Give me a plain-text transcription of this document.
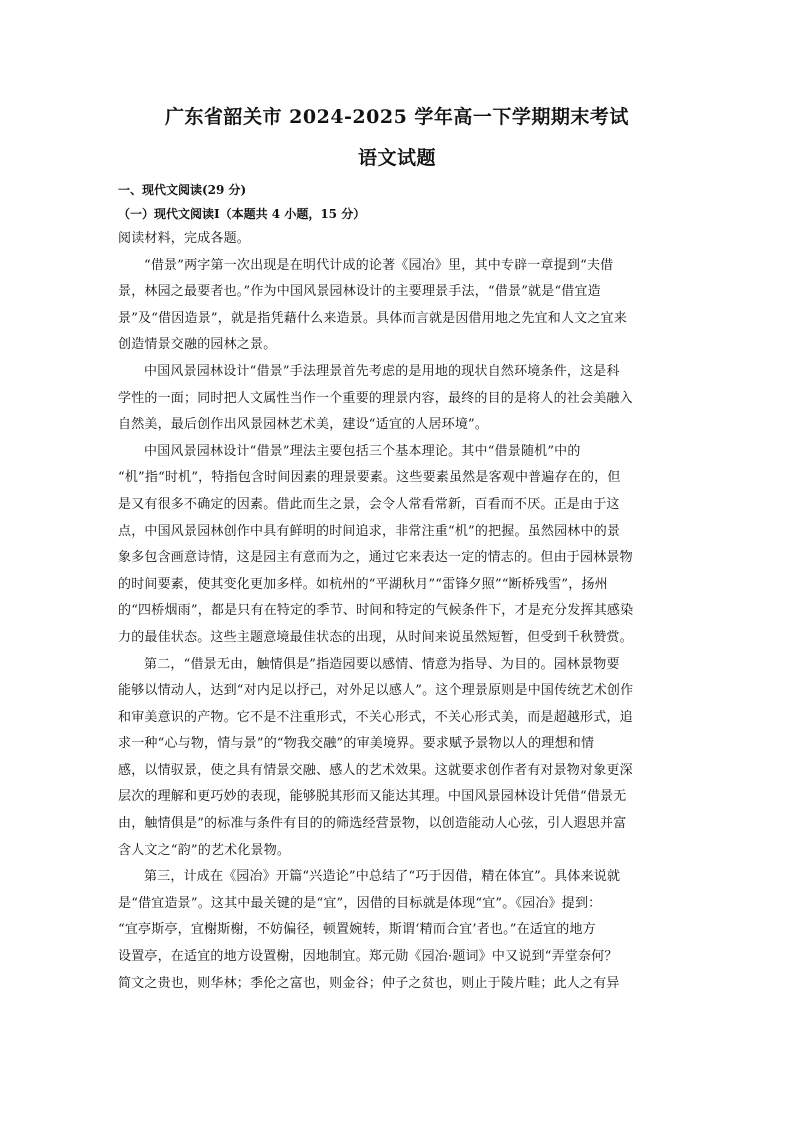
广东省韶关市 2024-2025 学年高一下学期期末考试
语文试题
一、现代文阅读(29 分)
（一）现代文阅读Ⅰ（本题共 4 小题，15 分）
阅读材料，完成各题。
“借景”两字第一次出现是在明代计成的论著《园冶》里，其中专辟一章提到“夫借
景，林园之最要者也。”作为中国风景园林设计的主要理景手法，“借景”就是“借宜造
景”及“借因造景”，就是指凭藉什么来造景。具体而言就是因借用地之先宜和人文之宜来
创造情景交融的园林之景。
中国风景园林设计“借景”手法理景首先考虑的是用地的现状自然环境条件，这是科
学性的一面；同时把人文属性当作一个重要的理景内容，最终的目的是将人的社会美融入
自然美，最后创作出风景园林艺术美，建设“适宜的人居环境”。
中国风景园林设计“借景”理法主要包括三个基本理论。其中“借景随机”中的
“机”指“时机”，特指包含时间因素的理景要素。这些要素虽然是客观中普遍存在的，但
是又有很多不确定的因素。借此而生之景，会令人常看常新，百看而不厌。正是由于这
点，中国风景园林创作中具有鲜明的时间追求，非常注重“机”的把握。虽然园林中的景
象多包含画意诗情，这是园主有意而为之，通过它来表达一定的情志的。但由于园林景物
的时间要素，使其变化更加多样。如杭州的“平湖秋月”“雷锋夕照”“断桥残雪”，扬州
的“四桥烟雨”，都是只有在特定的季节、时间和特定的气候条件下，才是充分发挥其感染
力的最佳状态。这些主题意境最佳状态的出现，从时间来说虽然短暂，但受到千秋赞赏。
第二，“借景无由，触情俱是”指造园要以感情、情意为指导、为目的。园林景物要
能够以情动人，达到“对内足以抒己，对外足以感人”。这个理景原则是中国传统艺术创作
和审美意识的产物。它不是不注重形式，不关心形式，不关心形式美，而是超越形式，追
求一种“心与物，情与景”的“物我交融”的审美境界。要求赋予景物以人的理想和情
感，以情驭景，使之具有情景交融、感人的艺术效果。这就要求创作者有对景物对象更深
层次的理解和更巧妙的表现，能够脱其形而又能达其理。中国风景园林设计凭借“借景无
由，触情俱是”的标准与条件有目的的筛选经营景物，以创造能动人心弦，引人遐思并富
含人文之“韵”的艺术化景物。
第三，计成在《园冶》开篇“兴造论”中总结了“巧于因借，精在体宜”。具体来说就
是“借宜造景”。这其中最关键的是“宜”，因借的目标就是体现“宜”。《园冶》提到：
“宜亭斯亭，宜榭斯榭，不妨偏径，顿置婉转，斯谓‘精而合宜’者也。”在适宜的地方
设置亭，在适宜的地方设置榭，因地制宜。郑元勋《园冶·题词》中又说到“弄堂奈何？
简文之贵也，则华林；季伦之富也，则金谷；仲子之贫也，则止于陵片畦；此人之有异
